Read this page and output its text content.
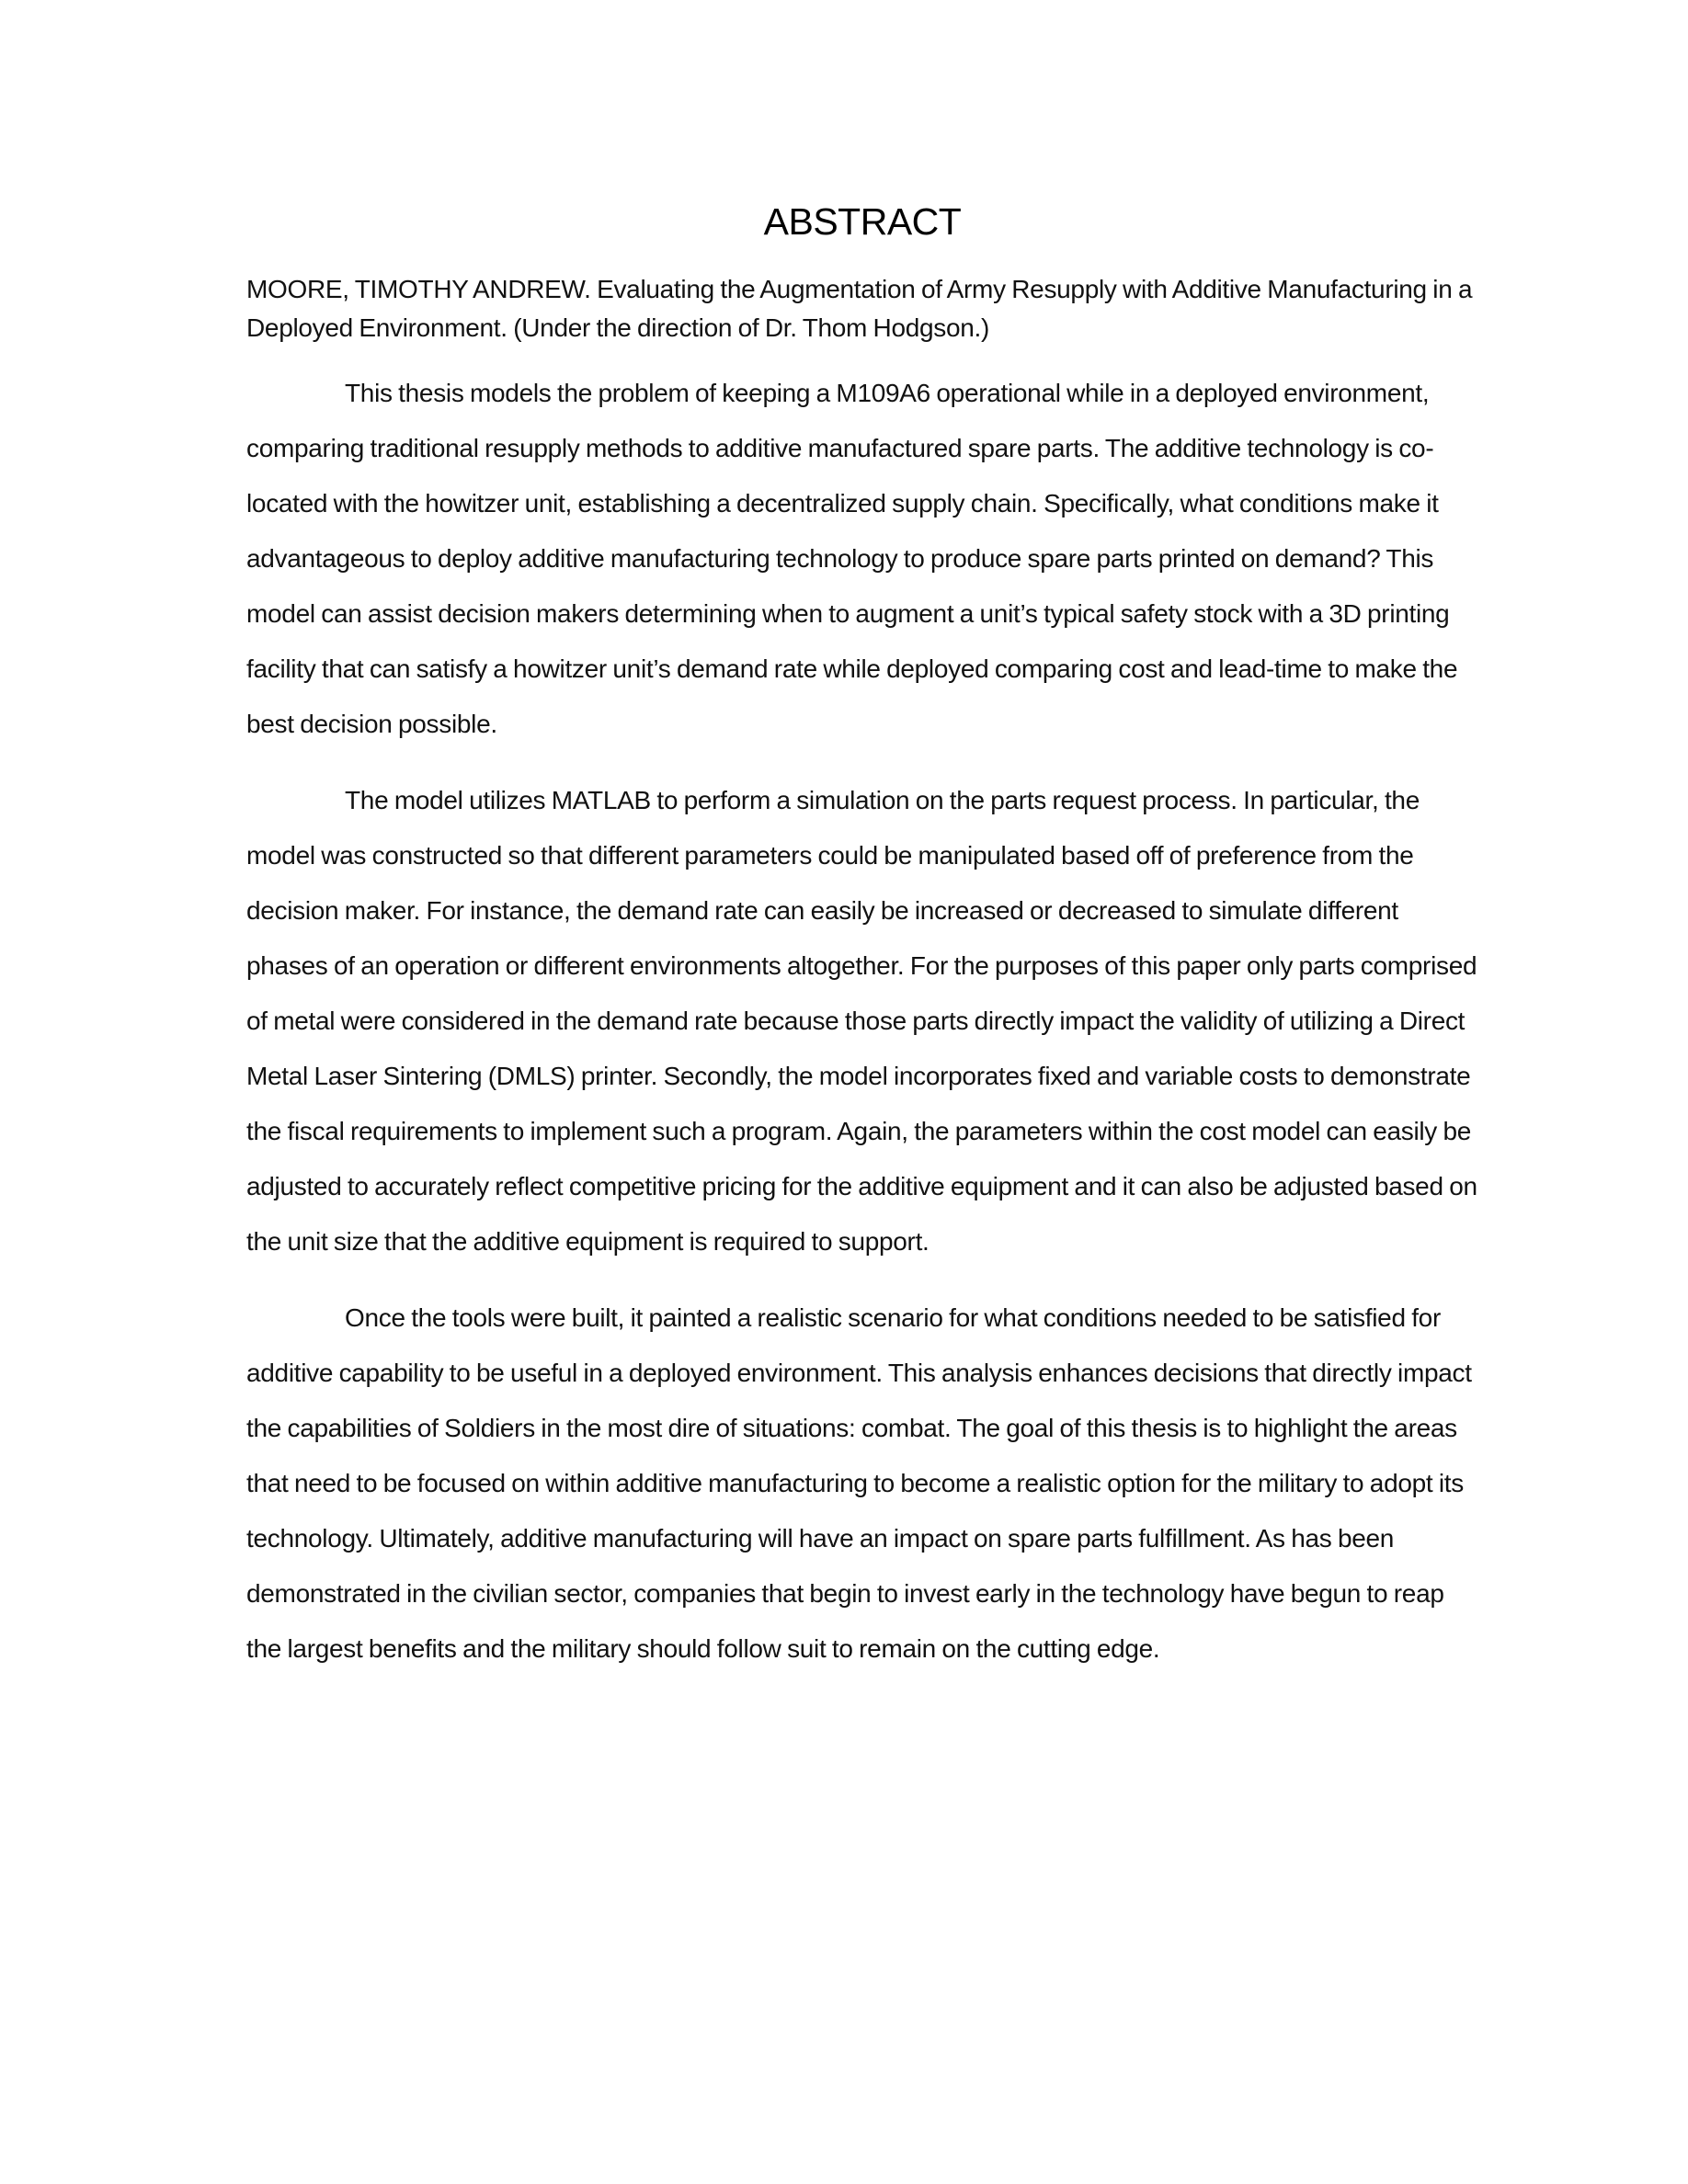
ABSTRACT

MOORE, TIMOTHY ANDREW. Evaluating the Augmentation of Army Resupply with Additive Manufacturing in a Deployed Environment. (Under the direction of Dr. Thom Hodgson.)

This thesis models the problem of keeping a M109A6 operational while in a deployed environment, comparing traditional resupply methods to additive manufactured spare parts. The additive technology is co-located with the howitzer unit, establishing a decentralized supply chain. Specifically, what conditions make it advantageous to deploy additive manufacturing technology to produce spare parts printed on demand? This model can assist decision makers determining when to augment a unit’s typical safety stock with a 3D printing facility that can satisfy a howitzer unit’s demand rate while deployed comparing cost and lead-time to make the best decision possible.

The model utilizes MATLAB to perform a simulation on the parts request process. In particular, the model was constructed so that different parameters could be manipulated based off of preference from the decision maker. For instance, the demand rate can easily be increased or decreased to simulate different phases of an operation or different environments altogether. For the purposes of this paper only parts comprised of metal were considered in the demand rate because those parts directly impact the validity of utilizing a Direct Metal Laser Sintering (DMLS) printer. Secondly, the model incorporates fixed and variable costs to demonstrate the fiscal requirements to implement such a program. Again, the parameters within the cost model can easily be adjusted to accurately reflect competitive pricing for the additive equipment and it can also be adjusted based on the unit size that the additive equipment is required to support.

Once the tools were built, it painted a realistic scenario for what conditions needed to be satisfied for additive capability to be useful in a deployed environment. This analysis enhances decisions that directly impact the capabilities of Soldiers in the most dire of situations: combat. The goal of this thesis is to highlight the areas that need to be focused on within additive manufacturing to become a realistic option for the military to adopt its technology. Ultimately, additive manufacturing will have an impact on spare parts fulfillment. As has been demonstrated in the civilian sector, companies that begin to invest early in the technology have begun to reap the largest benefits and the military should follow suit to remain on the cutting edge.
